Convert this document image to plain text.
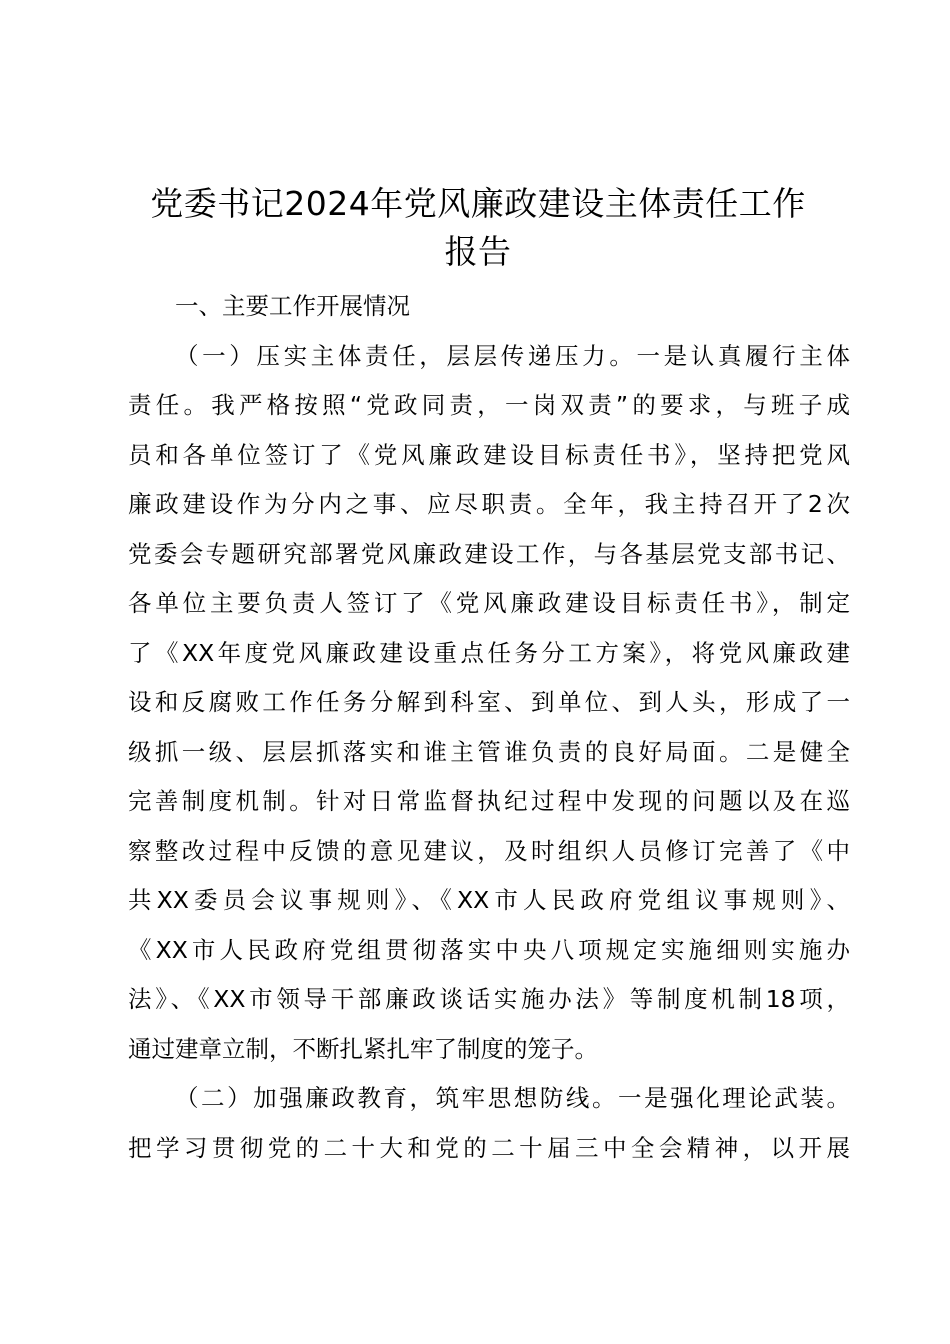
党委书记2024年党风廉政建设主体责任工作
报告
一、主要工作开展情况
（一）压实主体责任，层层传递压力。一是认真履行主体
责任。我严格按照“党政同责，一岗双责”的要求，与班子成
员和各单位签订了《党风廉政建设目标责任书》，坚持把党风
廉政建设作为分内之事、应尽职责。全年，我主持召开了2次
党委会专题研究部署党风廉政建设工作，与各基层党支部书记、
各单位主要负责人签订了《党风廉政建设目标责任书》，制定
了《XX年度党风廉政建设重点任务分工方案》，将党风廉政建
设和反腐败工作任务分解到科室、到单位、到人头，形成了一
级抓一级、层层抓落实和谁主管谁负责的良好局面。二是健全
完善制度机制。针对日常监督执纪过程中发现的问题以及在巡
察整改过程中反馈的意见建议，及时组织人员修订完善了《中
共XX委员会议事规则》、《XX市人民政府党组议事规则》、
《XX市人民政府党组贯彻落实中央八项规定实施细则实施办
法》、《XX市领导干部廉政谈话实施办法》等制度机制18项，
通过建章立制，不断扎紧扎牢了制度的笼子。
（二）加强廉政教育，筑牢思想防线。一是强化理论武装。
把学习贯彻党的二十大和党的二十届三中全会精神，以开展
